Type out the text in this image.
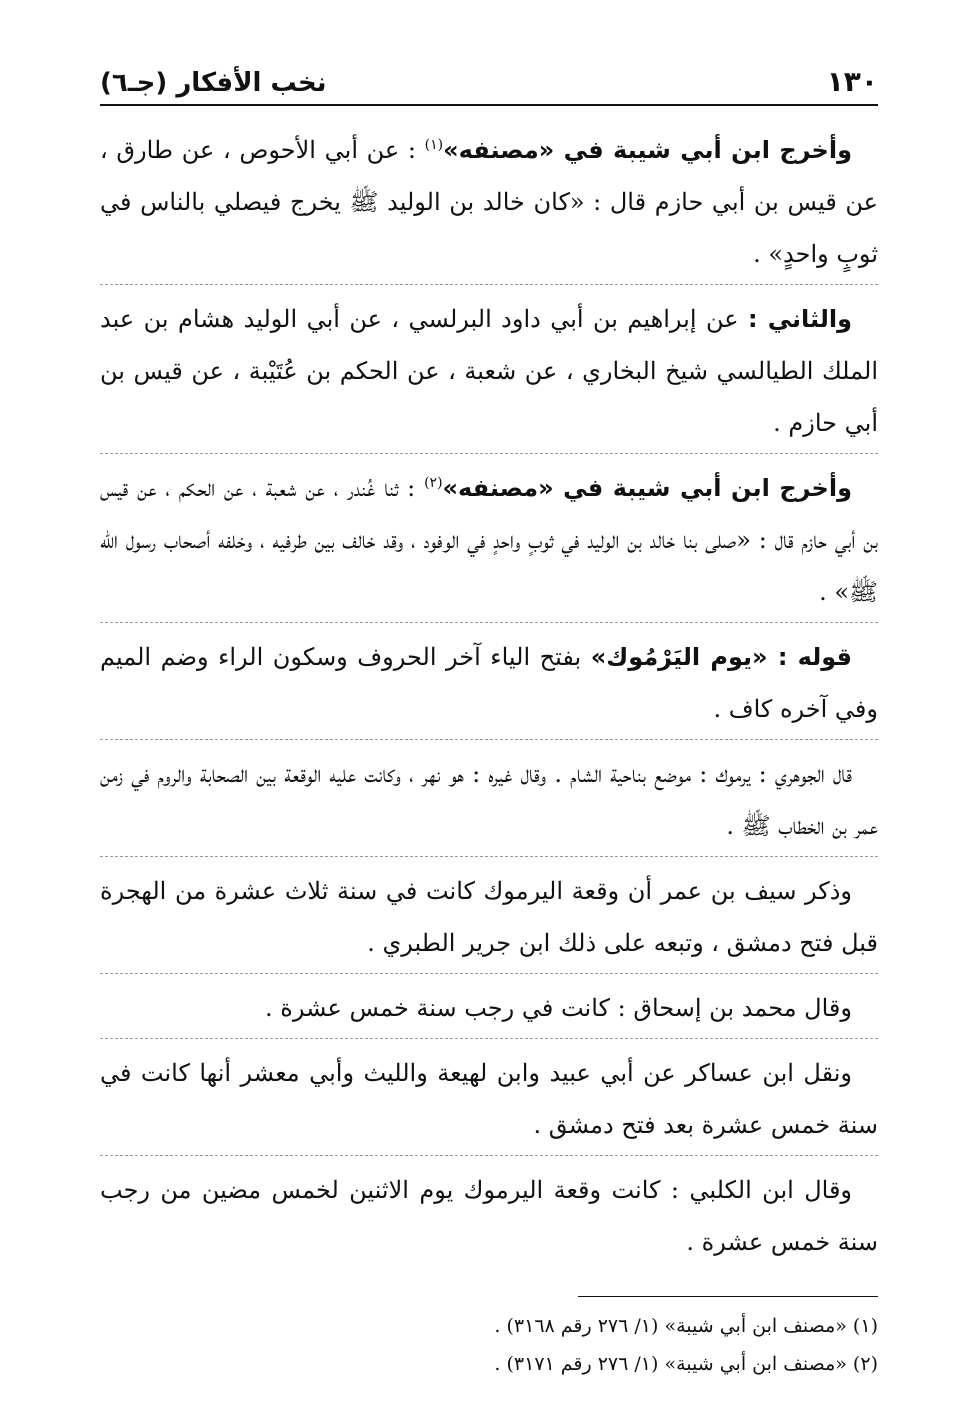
١٣٠
نخب الأفكار (جـ٦)

وأخرج ابن أبي شيبة في «مصنفه»$^{(١)}$ : عن أبي الأحوص ، عن طارق ، عن قيس بن أبي حازم قال : «كان خالد بن الوليد ﷺ يخرج فيصلي بالناس في ثوبٍ واحدٍ» .

والثاني : عن إبراهيم بن أبي داود البرلسي ، عن أبي الوليد هشام بن عبد الملك الطيالسي شيخ البخاري ، عن شعبة ، عن الحكم بن عُتَيْبة ، عن قيس بن أبي حازم .

وأخرج ابن أبي شيبة في «مصنفه»$^{(٢)}$ : ثنا غُندر ، عن شعبة ، عن الحكم ، عن قيس بن أبي حازم قال : «صلى بنا خالد بن الوليد في ثوبٍ واحدٍ في الوفود ، وقد خالف بين طرفيه ، وخلفه أصحاب رسول الله ﷺ» .

قوله : «يوم اليَرْمُوك» بفتح الياء آخر الحروف وسكون الراء وضم الميم وفي آخره كاف .

قال الجوهري : يرموك : موضع بناحية الشام . وقال غيره : هو نهر ، وكانت عليه الوقعة بين الصحابة والروم في زمن عمر بن الخطاب ﷺ .

وذكر سيف بن عمر أن وقعة اليرموك كانت في سنة ثلاث عشرة من الهجرة قبل فتح دمشق ، وتبعه على ذلك ابن جرير الطبري .

وقال محمد بن إسحاق : كانت في رجب سنة خمس عشرة .

ونقل ابن عساكر عن أبي عبيد وابن لهيعة والليث وأبي معشر أنها كانت في سنة خمس عشرة بعد فتح دمشق .

وقال ابن الكلبي : كانت وقعة اليرموك يوم الاثنين لخمس مضين من رجب سنة خمس عشرة .

(١) «مصنف ابن أبي شيبة» (١/ ٢٧٦ رقم ٣١٦٨) .
(٢) «مصنف ابن أبي شيبة» (١/ ٢٧٦ رقم ٣١٧١) .
